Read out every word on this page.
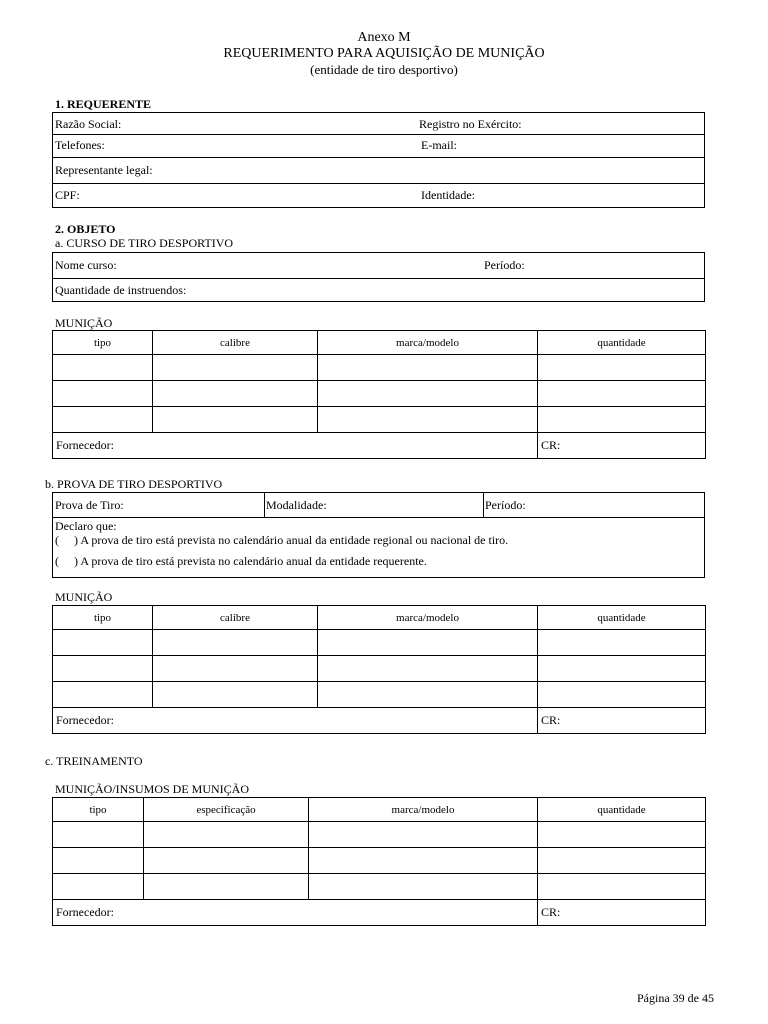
Anexo M
REQUERIMENTO PARA AQUISIÇÃO DE MUNIÇÃO
(entidade de tiro desportivo)
1. REQUERENTE
Razão Social:	Registro no Exército:
Telefones:	E-mail:
Representante legal:
CPF:	Identidade:
2. OBJETO
a. CURSO DE TIRO DESPORTIVO
Nome curso:	Período:
Quantidade de instruendos:
MUNIÇÃO
tipo	calibre	marca/modelo	quantidade

Fornecedor:			CR:
b. PROVA DE TIRO DESPORTIVO
Prova de Tiro:	Modalidade:	Período:
Declaro que:
(     ) A prova de tiro está prevista no calendário anual da entidade regional ou nacional de tiro.
(     ) A prova de tiro está prevista no calendário anual da entidade requerente.
MUNIÇÃO
tipo	calibre	marca/modelo	quantidade

Fornecedor:			CR:
c. TREINAMENTO
MUNIÇÃO/INSUMOS DE MUNIÇÃO
tipo	especificação	marca/modelo	quantidade

Fornecedor:			CR:
Página 39 de 45
